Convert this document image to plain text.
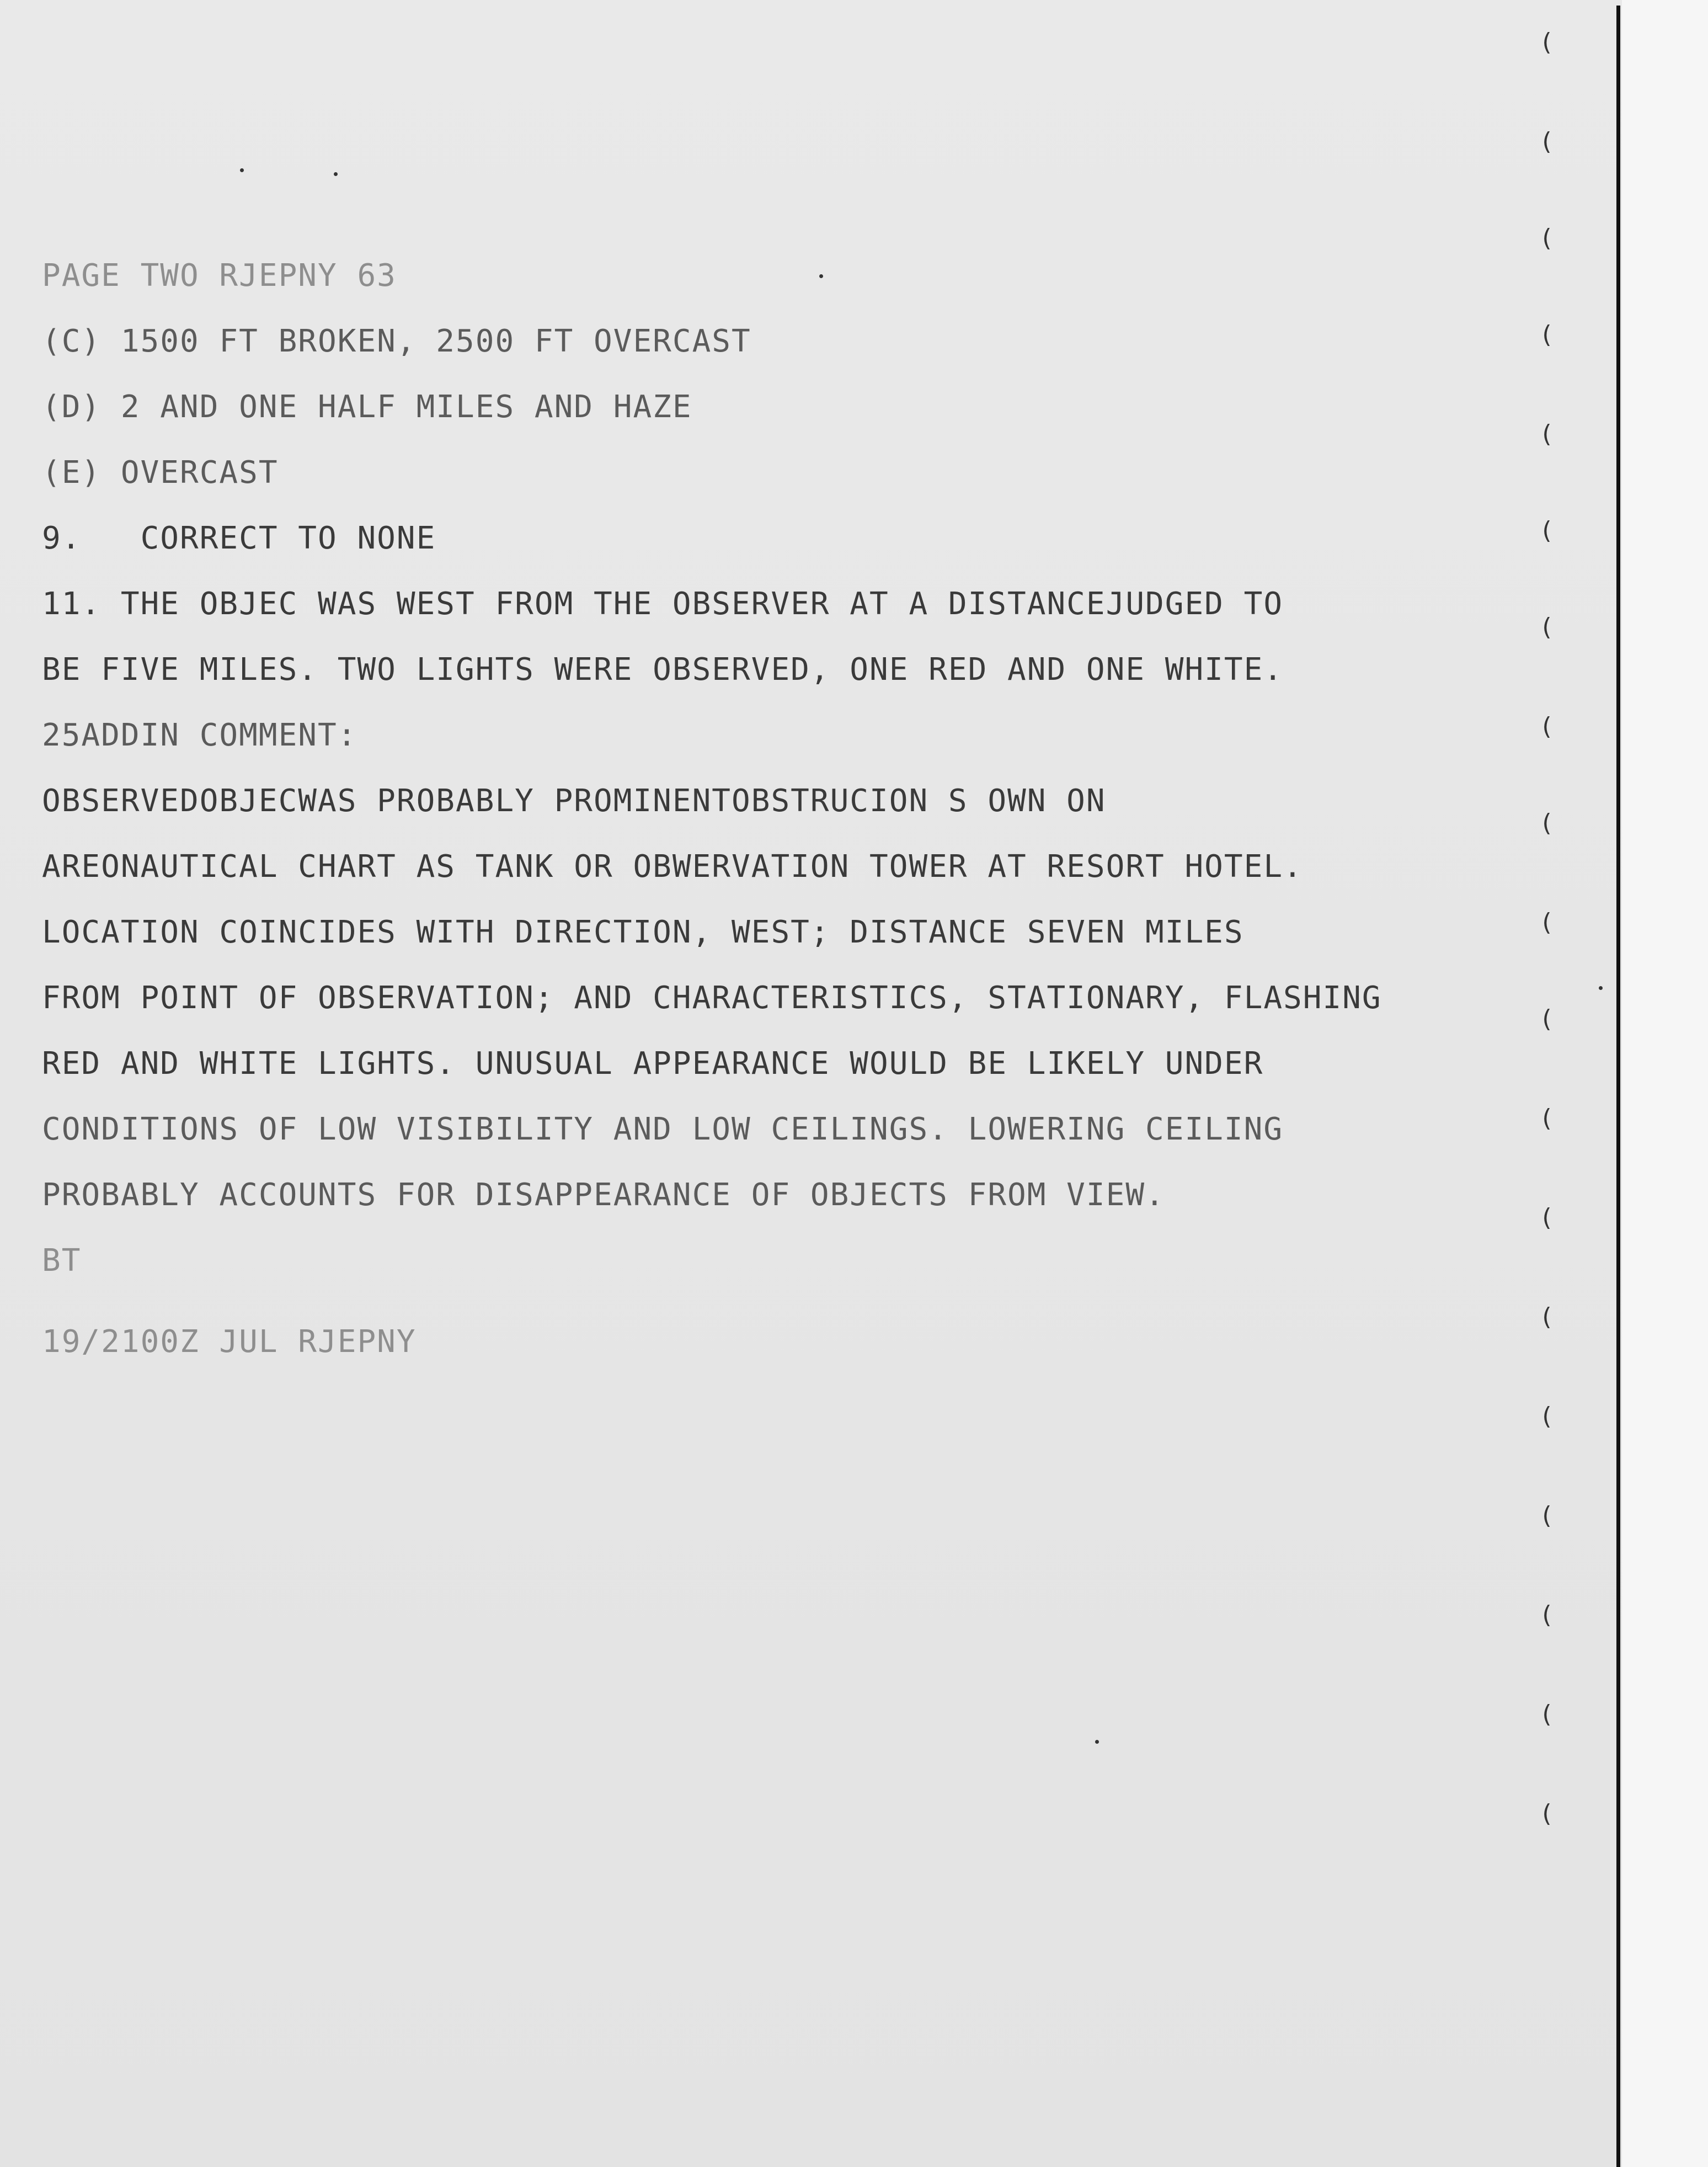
(
(
(
(
(
(
(
(
(
(
(
(
(
(
(
(
(
(
(
PAGE TWO RJEPNY 63
(C) 1500 FT BROKEN, 2500 FT OVERCAST
(D) 2 AND ONE HALF MILES AND HAZE
(E) OVERCAST
9.   CORRECT TO NONE
11. THE OBJEC WAS WEST FROM THE OBSERVER AT A DISTANCEJUDGED TO
BE FIVE MILES. TWO LIGHTS WERE OBSERVED, ONE RED AND ONE WHITE.
25ADDIN COMMENT:
OBSERVEDOBJECWAS PROBABLY PROMINENTOBSTRUCION S OWN ON
AREONAUTICAL CHART AS TANK OR OBWERVATION TOWER AT RESORT HOTEL.
LOCATION COINCIDES WITH DIRECTION, WEST; DISTANCE SEVEN MILES
FROM POINT OF OBSERVATION; AND CHARACTERISTICS, STATIONARY, FLASHING
RED AND WHITE LIGHTS. UNUSUAL APPEARANCE WOULD BE LIKELY UNDER
CONDITIONS OF LOW VISIBILITY AND LOW CEILINGS. LOWERING CEILING
PROBABLY ACCOUNTS FOR DISAPPEARANCE OF OBJECTS FROM VIEW.
BT
19/2100Z JUL RJEPNY
